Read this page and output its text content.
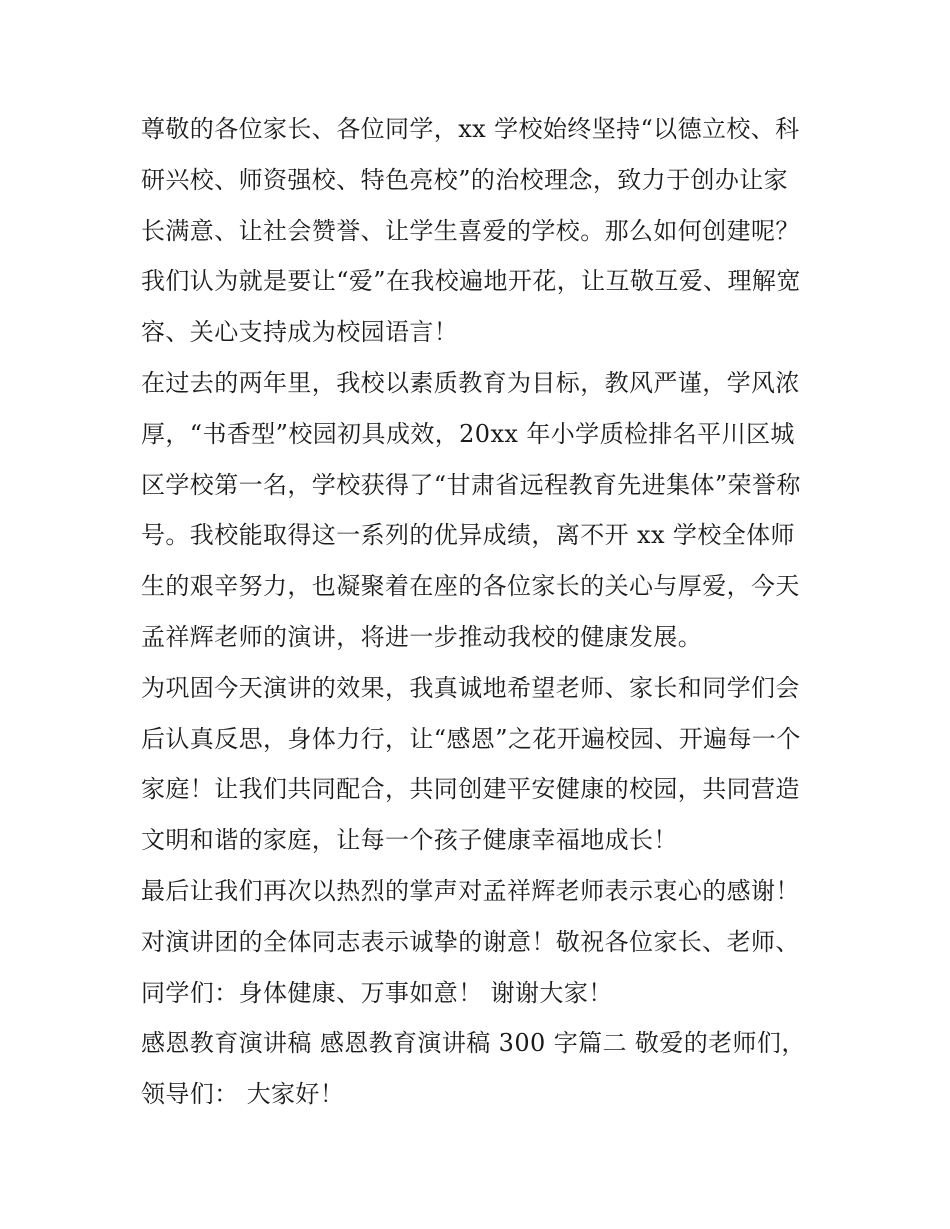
尊敬的各位家长、各位同学，xx 学校始终坚持“以德立校、科
研兴校、师资强校、特色亮校”的治校理念，致力于创办让家
长满意、让社会赞誉、让学生喜爱的学校。那么如何创建呢？
我们认为就是要让“爱”在我校遍地开花，让互敬互爱、理解宽
容、关心支持成为校园语言！
在过去的两年里，我校以素质教育为目标，教风严谨，学风浓
厚，“书香型”校园初具成效，20xx 年小学质检排名平川区城
区学校第一名，学校获得了“甘肃省远程教育先进集体”荣誉称
号。我校能取得这一系列的优异成绩，离不开 xx 学校全体师
生的艰辛努力，也凝聚着在座的各位家长的关心与厚爱，今天
孟祥辉老师的演讲，将进一步推动我校的健康发展。
为巩固今天演讲的效果，我真诚地希望老师、家长和同学们会
后认真反思，身体力行，让“感恩”之花开遍校园、开遍每一个
家庭！让我们共同配合，共同创建平安健康的校园，共同营造
文明和谐的家庭，让每一个孩子健康幸福地成长！
最后让我们再次以热烈的掌声对孟祥辉老师表示衷心的感谢！
对演讲团的全体同志表示诚挚的谢意！敬祝各位家长、老师、
同学们：身体健康、万事如意！ 谢谢大家！
感恩教育演讲稿 感恩教育演讲稿 300 字篇二 敬爱的老师们，
领导们： 大家好！
